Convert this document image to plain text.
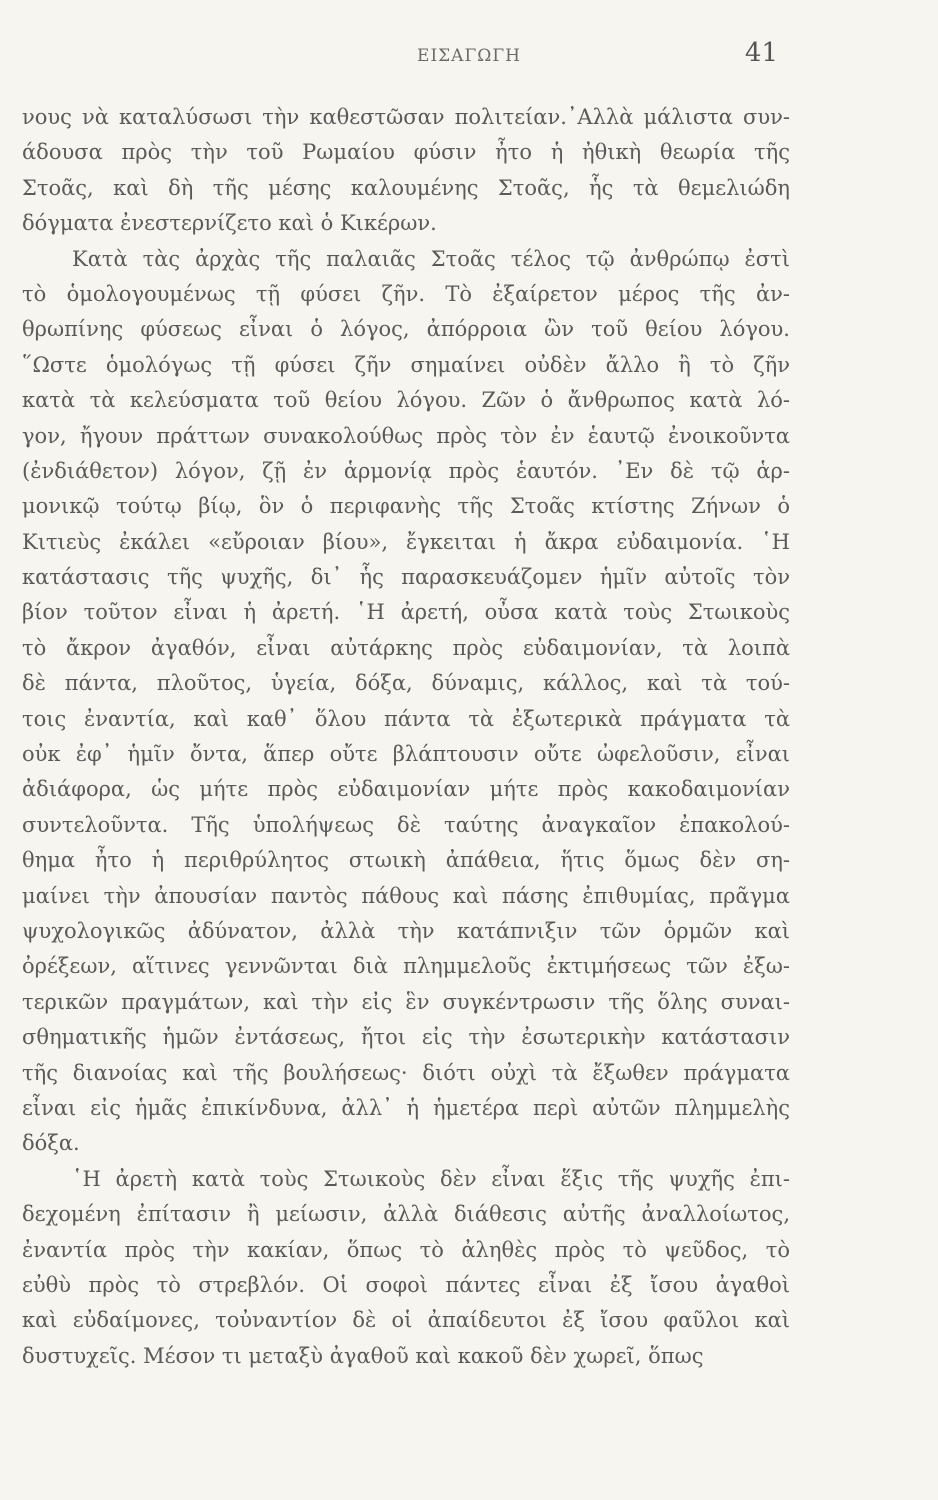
ΕΙΣΑΓΩΓΗ	41
νους νὰ καταλύσωσι τὴν καθεστῶσαν πολιτείαν.᾿Αλλὰ μάλιστα συν-
άδουσα πρὸς τὴν τοῦ Ρωμαίου φύσιν ἦτο ἡ ἠθικὴ θεωρία τῆς
Στοᾶς, καὶ δὴ τῆς μέσης καλουμένης Στοᾶς, ἧς τὰ θεμελιώδη
δόγματα ἐνεστερνίζετο καὶ ὁ Κικέρων.
Κατὰ τὰς ἀρχὰς τῆς παλαιᾶς Στοᾶς τέλος τῷ ἀνθρώπῳ ἐστὶ
τὸ ὁμολογουμένως τῇ φύσει ζῆν. Τὸ ἐξαίρετον μέρος τῆς ἀν-
θρωπίνης φύσεως εἶναι ὁ λόγος, ἀπόρροια ὢν τοῦ θείου λόγου.
῞Ωστε ὁμολόγως τῇ φύσει ζῆν σημαίνει οὐδὲν ἄλλο ἢ τὸ ζῆν
κατὰ τὰ κελεύσματα τοῦ θείου λόγου. Ζῶν ὁ ἄνθρωπος κατὰ λό-
γον, ἤγουν πράττων συνακολούθως πρὸς τὸν ἐν ἑαυτῷ ἐνοικοῦντα
(ἐνδιάθετον) λόγον, ζῇ ἐν ἁρμονίᾳ πρὸς ἑαυτόν. ᾿Εν δὲ τῷ ἁρ-
μονικῷ τούτῳ βίῳ, ὃν ὁ περιφανὴς τῆς Στοᾶς κτίστης Ζήνων ὁ
Κιτιεὺς ἐκάλει «εὔροιαν βίου», ἔγκειται ἡ ἄκρα εὐδαιμονία. ῾Η
κατάστασις τῆς ψυχῆς, δι᾿ ἧς παρασκευάζομεν ἡμῖν αὐτοῖς τὸν
βίον τοῦτον εἶναι ἡ ἀρετή. ῾Η ἀρετή, οὖσα κατὰ τοὺς Στωικοὺς
τὸ ἄκρον ἀγαθόν, εἶναι αὐτάρκης πρὸς εὐδαιμονίαν, τὰ λοιπὰ
δὲ πάντα, πλοῦτος, ὑγεία, δόξα, δύναμις, κάλλος, καὶ τὰ τού-
τοις ἐναντία, καὶ καθ᾿ ὅλου πάντα τὰ ἐξωτερικὰ πράγματα τὰ
οὐκ ἐφ᾿ ἡμῖν ὄντα, ἅπερ οὔτε βλάπτουσιν οὔτε ὠφελοῦσιν, εἶναι
ἀδιάφορα, ὡς μήτε πρὸς εὐδαιμονίαν μήτε πρὸς κακοδαιμονίαν
συντελοῦντα. Τῆς ὑπολήψεως δὲ ταύτης ἀναγκαῖον ἐπακολού-
θημα ἦτο ἡ περιθρύλητος στωικὴ ἀπάθεια, ἥτις ὅμως δὲν ση-
μαίνει τὴν ἀπουσίαν παντὸς πάθους καὶ πάσης ἐπιθυμίας, πρᾶγμα
ψυχολογικῶς ἀδύνατον, ἀλλὰ τὴν κατάπνιξιν τῶν ὁρμῶν καὶ
ὀρέξεων, αἵτινες γεννῶνται διὰ πλημμελοῦς ἐκτιμήσεως τῶν ἐξω-
τερικῶν πραγμάτων, καὶ τὴν εἰς ἓν συγκέντρωσιν τῆς ὅλης συναι-
σθηματικῆς ἡμῶν ἐντάσεως, ἤτοι εἰς τὴν ἐσωτερικὴν κατάστασιν
τῆς διανοίας καὶ τῆς βουλήσεως· διότι οὐχὶ τὰ ἔξωθεν πράγματα
εἶναι εἰς ἡμᾶς ἐπικίνδυνα, ἀλλ᾿ ἡ ἡμετέρα περὶ αὐτῶν πλημμελὴς
δόξα.
῾Η ἀρετὴ κατὰ τοὺς Στωικοὺς δὲν εἶναι ἕξις τῆς ψυχῆς ἐπι-
δεχομένη ἐπίτασιν ἢ μείωσιν, ἀλλὰ διάθεσις αὐτῆς ἀναλλοίωτος,
ἐναντία πρὸς τὴν κακίαν, ὅπως τὸ ἀληθὲς πρὸς τὸ ψεῦδος, τὸ
εὐθὺ πρὸς τὸ στρεβλόν. Οἱ σοφοὶ πάντες εἶναι ἐξ ἴσου ἀγαθοὶ
καὶ εὐδαίμονες, τοὐναντίον δὲ οἱ ἀπαίδευτοι ἐξ ἴσου φαῦλοι καὶ
δυστυχεῖς. Μέσον τι μεταξὺ ἀγαθοῦ καὶ κακοῦ δὲν χωρεῖ, ὅπως
